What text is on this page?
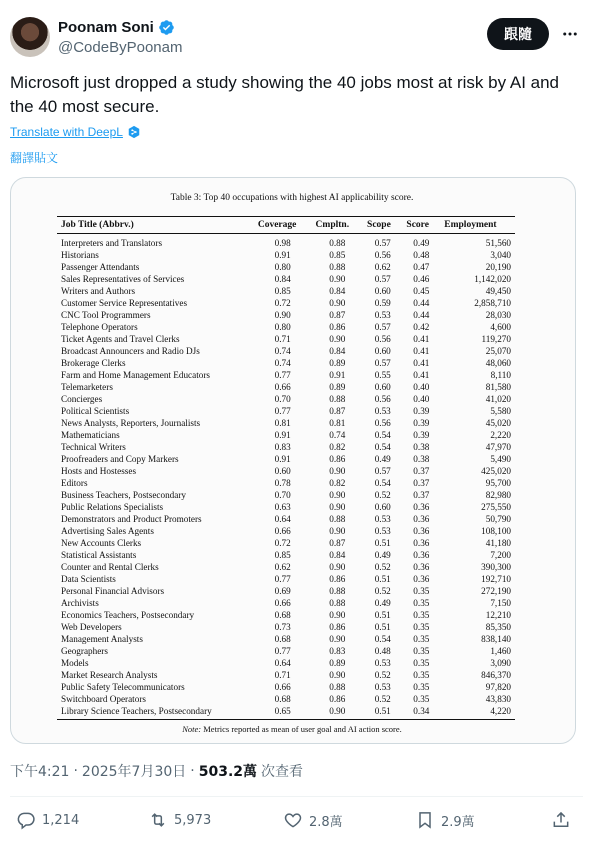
Poonam Soni
@CodeByPoonam
跟隨
Microsoft just dropped a study showing the 40 jobs most at risk by AI and the 40 most secure.
Translate with DeepL
翻譯貼文
Table 3: Top 40 occupations with highest AI applicability score.
Job Title (Abbrv.)	Coverage	Cmpltn.	Scope	Score	Employment
Interpreters and Translators	0.98	0.88	0.57	0.49	51,560
Historians	0.91	0.85	0.56	0.48	3,040
Passenger Attendants	0.80	0.88	0.62	0.47	20,190
Sales Representatives of Services	0.84	0.90	0.57	0.46	1,142,020
Writers and Authors	0.85	0.84	0.60	0.45	49,450
Customer Service Representatives	0.72	0.90	0.59	0.44	2,858,710
CNC Tool Programmers	0.90	0.87	0.53	0.44	28,030
Telephone Operators	0.80	0.86	0.57	0.42	4,600
Ticket Agents and Travel Clerks	0.71	0.90	0.56	0.41	119,270
Broadcast Announcers and Radio DJs	0.74	0.84	0.60	0.41	25,070
Brokerage Clerks	0.74	0.89	0.57	0.41	48,060
Farm and Home Management Educators	0.77	0.91	0.55	0.41	8,110
Telemarketers	0.66	0.89	0.60	0.40	81,580
Concierges	0.70	0.88	0.56	0.40	41,020
Political Scientists	0.77	0.87	0.53	0.39	5,580
News Analysts, Reporters, Journalists	0.81	0.81	0.56	0.39	45,020
Mathematicians	0.91	0.74	0.54	0.39	2,220
Technical Writers	0.83	0.82	0.54	0.38	47,970
Proofreaders and Copy Markers	0.91	0.86	0.49	0.38	5,490
Hosts and Hostesses	0.60	0.90	0.57	0.37	425,020
Editors	0.78	0.82	0.54	0.37	95,700
Business Teachers, Postsecondary	0.70	0.90	0.52	0.37	82,980
Public Relations Specialists	0.63	0.90	0.60	0.36	275,550
Demonstrators and Product Promoters	0.64	0.88	0.53	0.36	50,790
Advertising Sales Agents	0.66	0.90	0.53	0.36	108,100
New Accounts Clerks	0.72	0.87	0.51	0.36	41,180
Statistical Assistants	0.85	0.84	0.49	0.36	7,200
Counter and Rental Clerks	0.62	0.90	0.52	0.36	390,300
Data Scientists	0.77	0.86	0.51	0.36	192,710
Personal Financial Advisors	0.69	0.88	0.52	0.35	272,190
Archivists	0.66	0.88	0.49	0.35	7,150
Economics Teachers, Postsecondary	0.68	0.90	0.51	0.35	12,210
Web Developers	0.73	0.86	0.51	0.35	85,350
Management Analysts	0.68	0.90	0.54	0.35	838,140
Geographers	0.77	0.83	0.48	0.35	1,460
Models	0.64	0.89	0.53	0.35	3,090
Market Research Analysts	0.71	0.90	0.52	0.35	846,370
Public Safety Telecommunicators	0.66	0.88	0.53	0.35	97,820
Switchboard Operators	0.68	0.86	0.52	0.35	43,830
Library Science Teachers, Postsecondary	0.65	0.90	0.51	0.34	4,220
Note: Metrics reported as mean of user goal and AI action score.
下午4:21 · 2025年7月30日 · 503.2萬 次查看
1,214	5,973	2.8萬	2.9萬
